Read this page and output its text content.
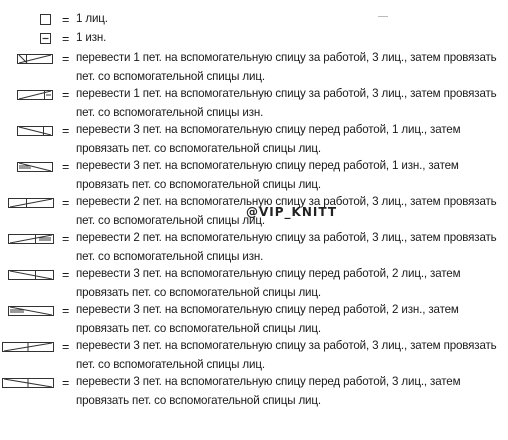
= 1 лиц.
= 1 изн.
= перевести 1 пет. на вспомогательную спицу за работой, 3 лиц., затем провязать пет. со вспомогательной спицы лиц.
= перевести 1 пет. на вспомогательную спицу за работой, 3 лиц., затем провязать пет. со вспомогательной спицы изн.
= перевести 3 пет. на вспомогательную спицу перед работой, 1 лиц., затем провязать пет. со вспомогательной спицы лиц.
= перевести 3 пет. на вспомогательную спицу перед работой, 1 изн., затем провязать пет. со вспомогательной спицы лиц.
= перевести 2 пет. на вспомогательную спицу за работой, 3 лиц., затем провязать пет. со вспомогательной спицы лиц.
= перевести 2 пет. на вспомогательную спицу за работой, 3 лиц., затем провязать пет. со вспомогательной спицы изн.
= перевести 3 пет. на вспомогательную спицу перед работой, 2 лиц., затем провязать пет. со вспомогательной спицы лиц.
= перевести 3 пет. на вспомогательную спицу перед работой, 2 изн., затем провязать пет. со вспомогательной спицы лиц.
= перевести 3 пет. на вспомогательную спицу за работой, 3 лиц., затем провязать пет. со вспомогательной спицы лиц.
= перевести 3 пет. на вспомогательную спицу перед работой, 3 лиц., затем провязать пет. со вспомогательной спицы лиц.
@VIP_KNITT
